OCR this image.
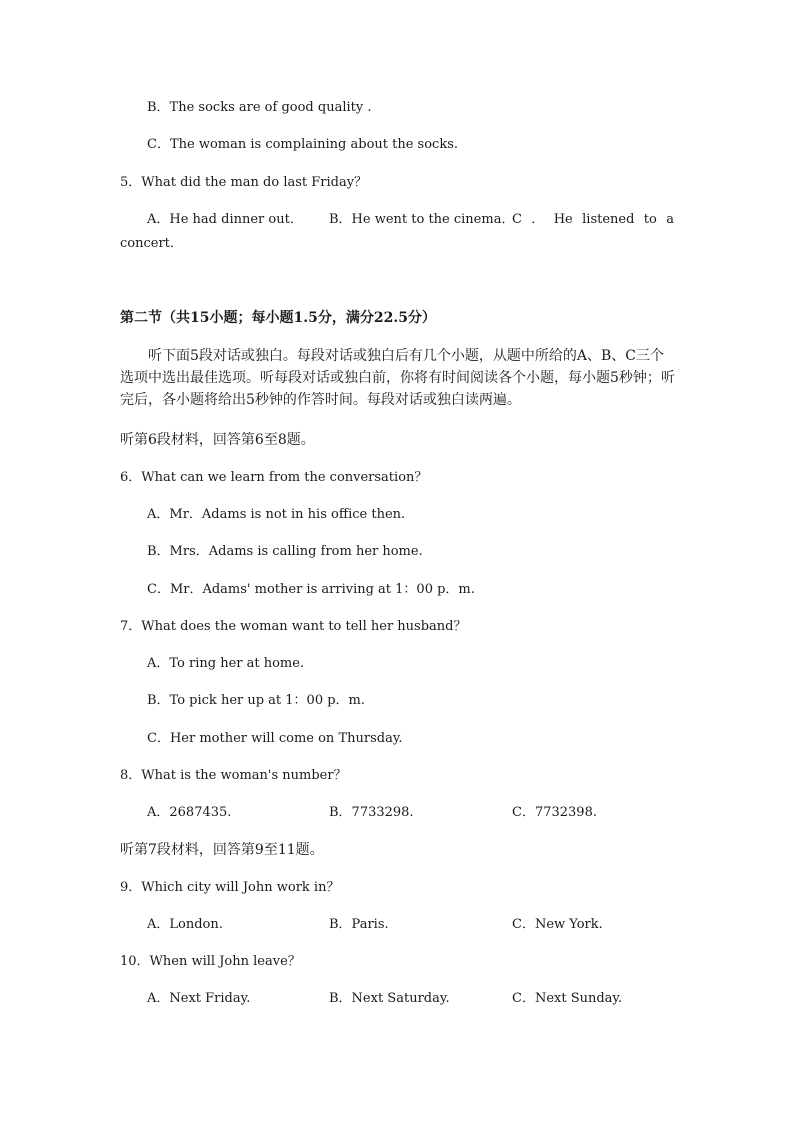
B．The socks are of good quality .
C．The woman is complaining about the socks.
5．What did the man do last Friday？
A．He had dinner out． B．He went to the cinema．
C ． He listened to a
concert．
第二节（共15小题；每小题1.5分，满分22.5分）
听下面5段对话或独白。每段对话或独白后有几个小题，从题中所给的A、B、C三个选项中选出最佳选项。听每段对话或独白前，你将有时间阅读各个小题，每小题5秒钟；听完后，各小题将给出5秒钟的作答时间。每段对话或独白读两遍。
听第6段材料，回答第6至8题。
6．What can we learn from the conversation？
A．Mr．Adams is not in his office then.
B．Mrs．Adams is calling from her home.
C．Mr．Adams' mother is arriving at 1：00 p．m.
7．What does the woman want to tell her husband？
A．To ring her at home.
B．To pick her up at 1：00 p．m.
C．Her mother will come on Thursday.
8．What is the woman's number？
A．2687435.	B．7733298.	C．7732398.
听第7段材料，回答第9至11题。
9．Which city will John work in？
A．London.	B．Paris.	C．New York.
10．When will John leave？
A．Next Friday.	B．Next Saturday.	C．Next Sunday.
